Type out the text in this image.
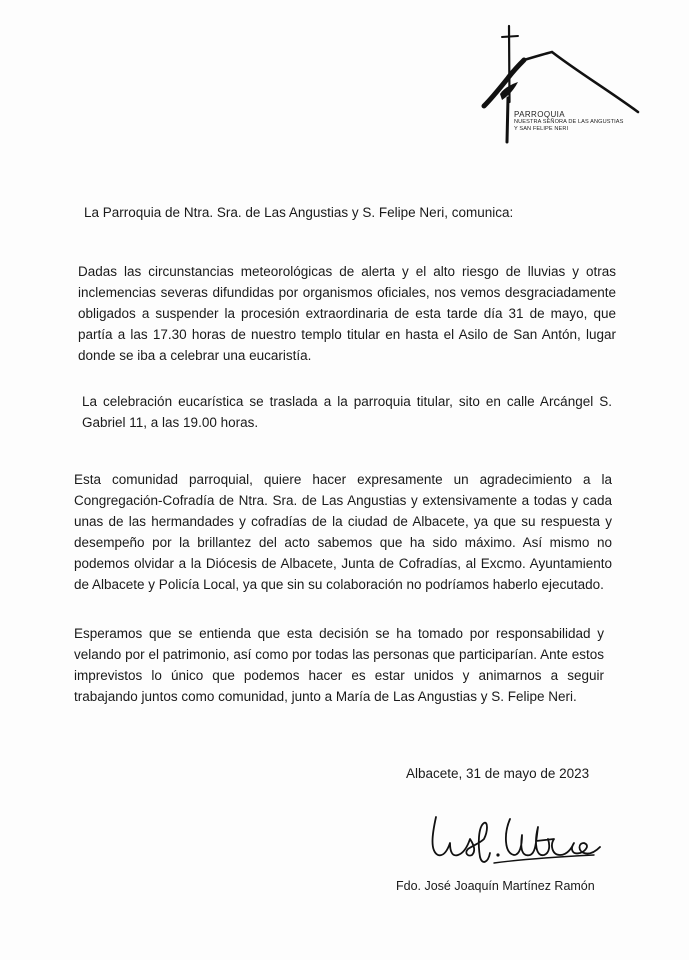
PARROQUIA
NUESTRA SEÑORA DE LAS ANGUSTIAS
Y SAN FELIPE NERI
La Parroquia de Ntra. Sra. de Las Angustias y S. Felipe Neri, comunica:

Dadas las circunstancias meteorológicas de alerta y el alto riesgo de lluvias y otras inclemencias severas difundidas por organismos oficiales, nos vemos desgraciadamente obligados a suspender la procesión extraordinaria de esta tarde día 31 de mayo, que partía a las 17.30 horas de nuestro templo titular en hasta el Asilo de San Antón, lugar donde se iba a celebrar una eucaristía.

La celebración eucarística se traslada a la parroquia titular, sito en calle Arcángel S. Gabriel 11, a las 19.00 horas.

Esta comunidad parroquial, quiere hacer expresamente un agradecimiento a la Congregación-Cofradía de Ntra. Sra. de Las Angustias y extensivamente a todas y cada unas de las hermandades y cofradías de la ciudad de Albacete, ya que su respuesta y desempeño por la brillantez del acto sabemos que ha sido máximo. Así mismo no podemos olvidar a la Diócesis de Albacete, Junta de Cofradías, al Excmo. Ayuntamiento de Albacete y Policía Local, ya que sin su colaboración no podríamos haberlo ejecutado.

Esperamos que se entienda que esta decisión se ha tomado por responsabilidad y velando por el patrimonio, así como por todas las personas que participarían. Ante estos imprevistos lo único que podemos hacer es estar unidos y animarnos a seguir trabajando juntos como comunidad, junto a María de Las Angustias y S. Felipe Neri.

Albacete, 31 de mayo de 2023
Fdo. José Joaquín Martínez Ramón
